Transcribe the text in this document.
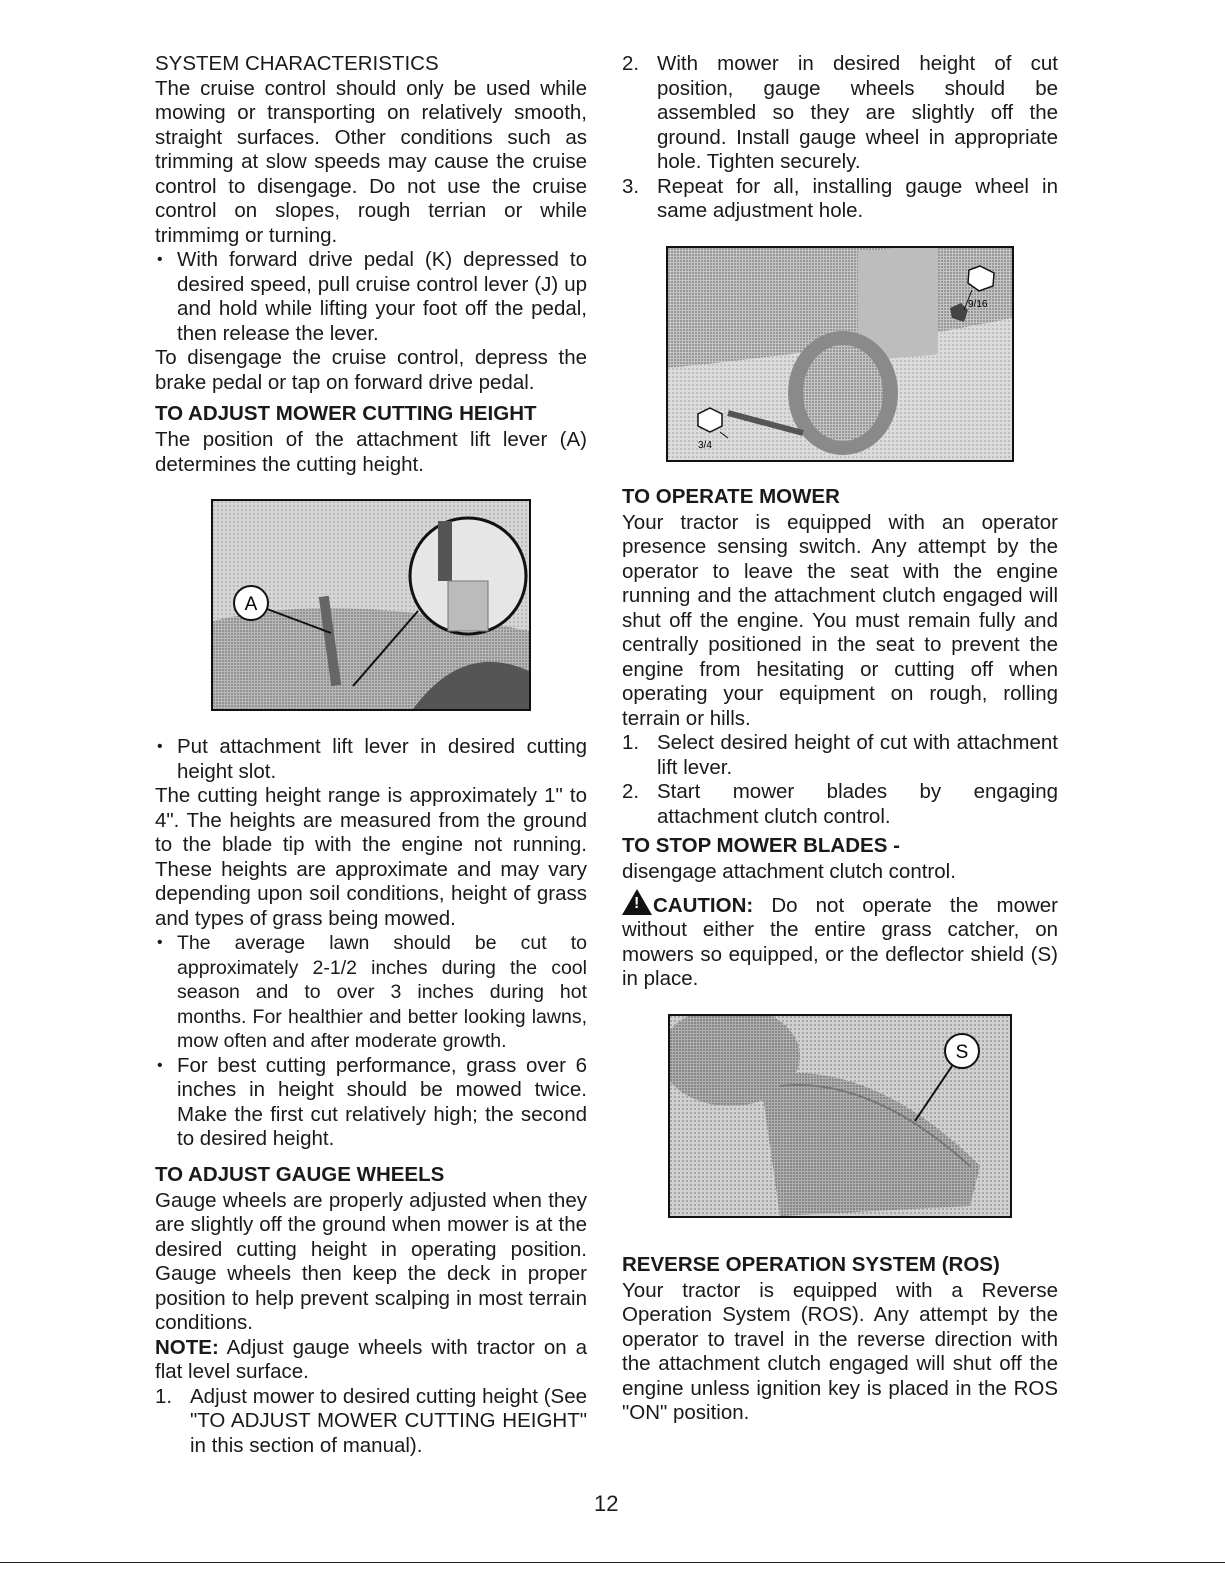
SYSTEM CHARACTERISTICS

The cruise control should only be used while mowing or transporting on relatively smooth, straight surfaces. Other conditions such as trimming at slow speeds may cause the cruise control to disengage. Do not use the cruise control on slopes, rough terrian or while trimmimg or turning.

• With forward drive pedal (K) depressed to desired speed, pull cruise control lever (J) up and hold while lifting your foot off the pedal, then release the lever.

To disengage the cruise control, depress the brake pedal or tap on forward drive pedal.

TO ADJUST MOWER CUTTING HEIGHT

The position of the attachment lift lever (A) determines the cutting height.

A
• Put attachment lift lever in desired cutting height slot.

The cutting height range is approximately 1" to 4". The heights are measured from the ground to the blade tip with the engine not running. These heights are approximate and may vary depending upon soil conditions, height of grass and types of grass being mowed.

• The average lawn should be cut to approximately 2-1/2 inches during the cool season and to over 3 inches during hot months. For healthier and better looking lawns, mow often and after moderate growth.
• For best cutting performance, grass over 6 inches in height should be mowed twice. Make the first cut relatively high; the second to desired height.
TO ADJUST GAUGE WHEELS

Gauge wheels are properly adjusted when they are slightly off the ground when mower is at the desired cutting height in operating position. Gauge wheels then keep the deck in proper position to help prevent scalping in most terrain conditions.

NOTE: Adjust gauge wheels with tractor on a flat level surface.

1. Adjust mower to desired cutting height (See "TO ADJUST MOWER CUTTING HEIGHT" in this section of manual).
2. With mower in desired height of cut position, gauge wheels should be assembled so they are slightly off the ground. Install gauge wheel in appropriate hole. Tighten securely.
3. Repeat for all, installing gauge wheel in same adjustment hole.
9/16
3/4
TO OPERATE MOWER

Your tractor is equipped with an operator presence sensing switch. Any attempt by the operator to leave the seat with the engine running and the attachment clutch engaged will shut off the engine. You must remain fully and centrally positioned in the seat to prevent the engine from hesitating or cutting off when operating your equipment on rough, rolling terrain or hills.

1. Select desired height of cut with attachment lift lever.
2. Start mower blades by engaging attachment clutch control.
TO STOP MOWER BLADES -

disengage attachment clutch control.

!CAUTION: Do not operate the mower without either the entire grass catcher, on mowers so equipped, or the deflector shield (S) in place.

S
REVERSE OPERATION SYSTEM (ROS)

Your tractor is equipped with a Reverse Operation System (ROS). Any attempt by the operator to travel in the reverse direction with the attachment clutch engaged will shut off the engine unless ignition key is placed in the ROS "ON" position.

12
